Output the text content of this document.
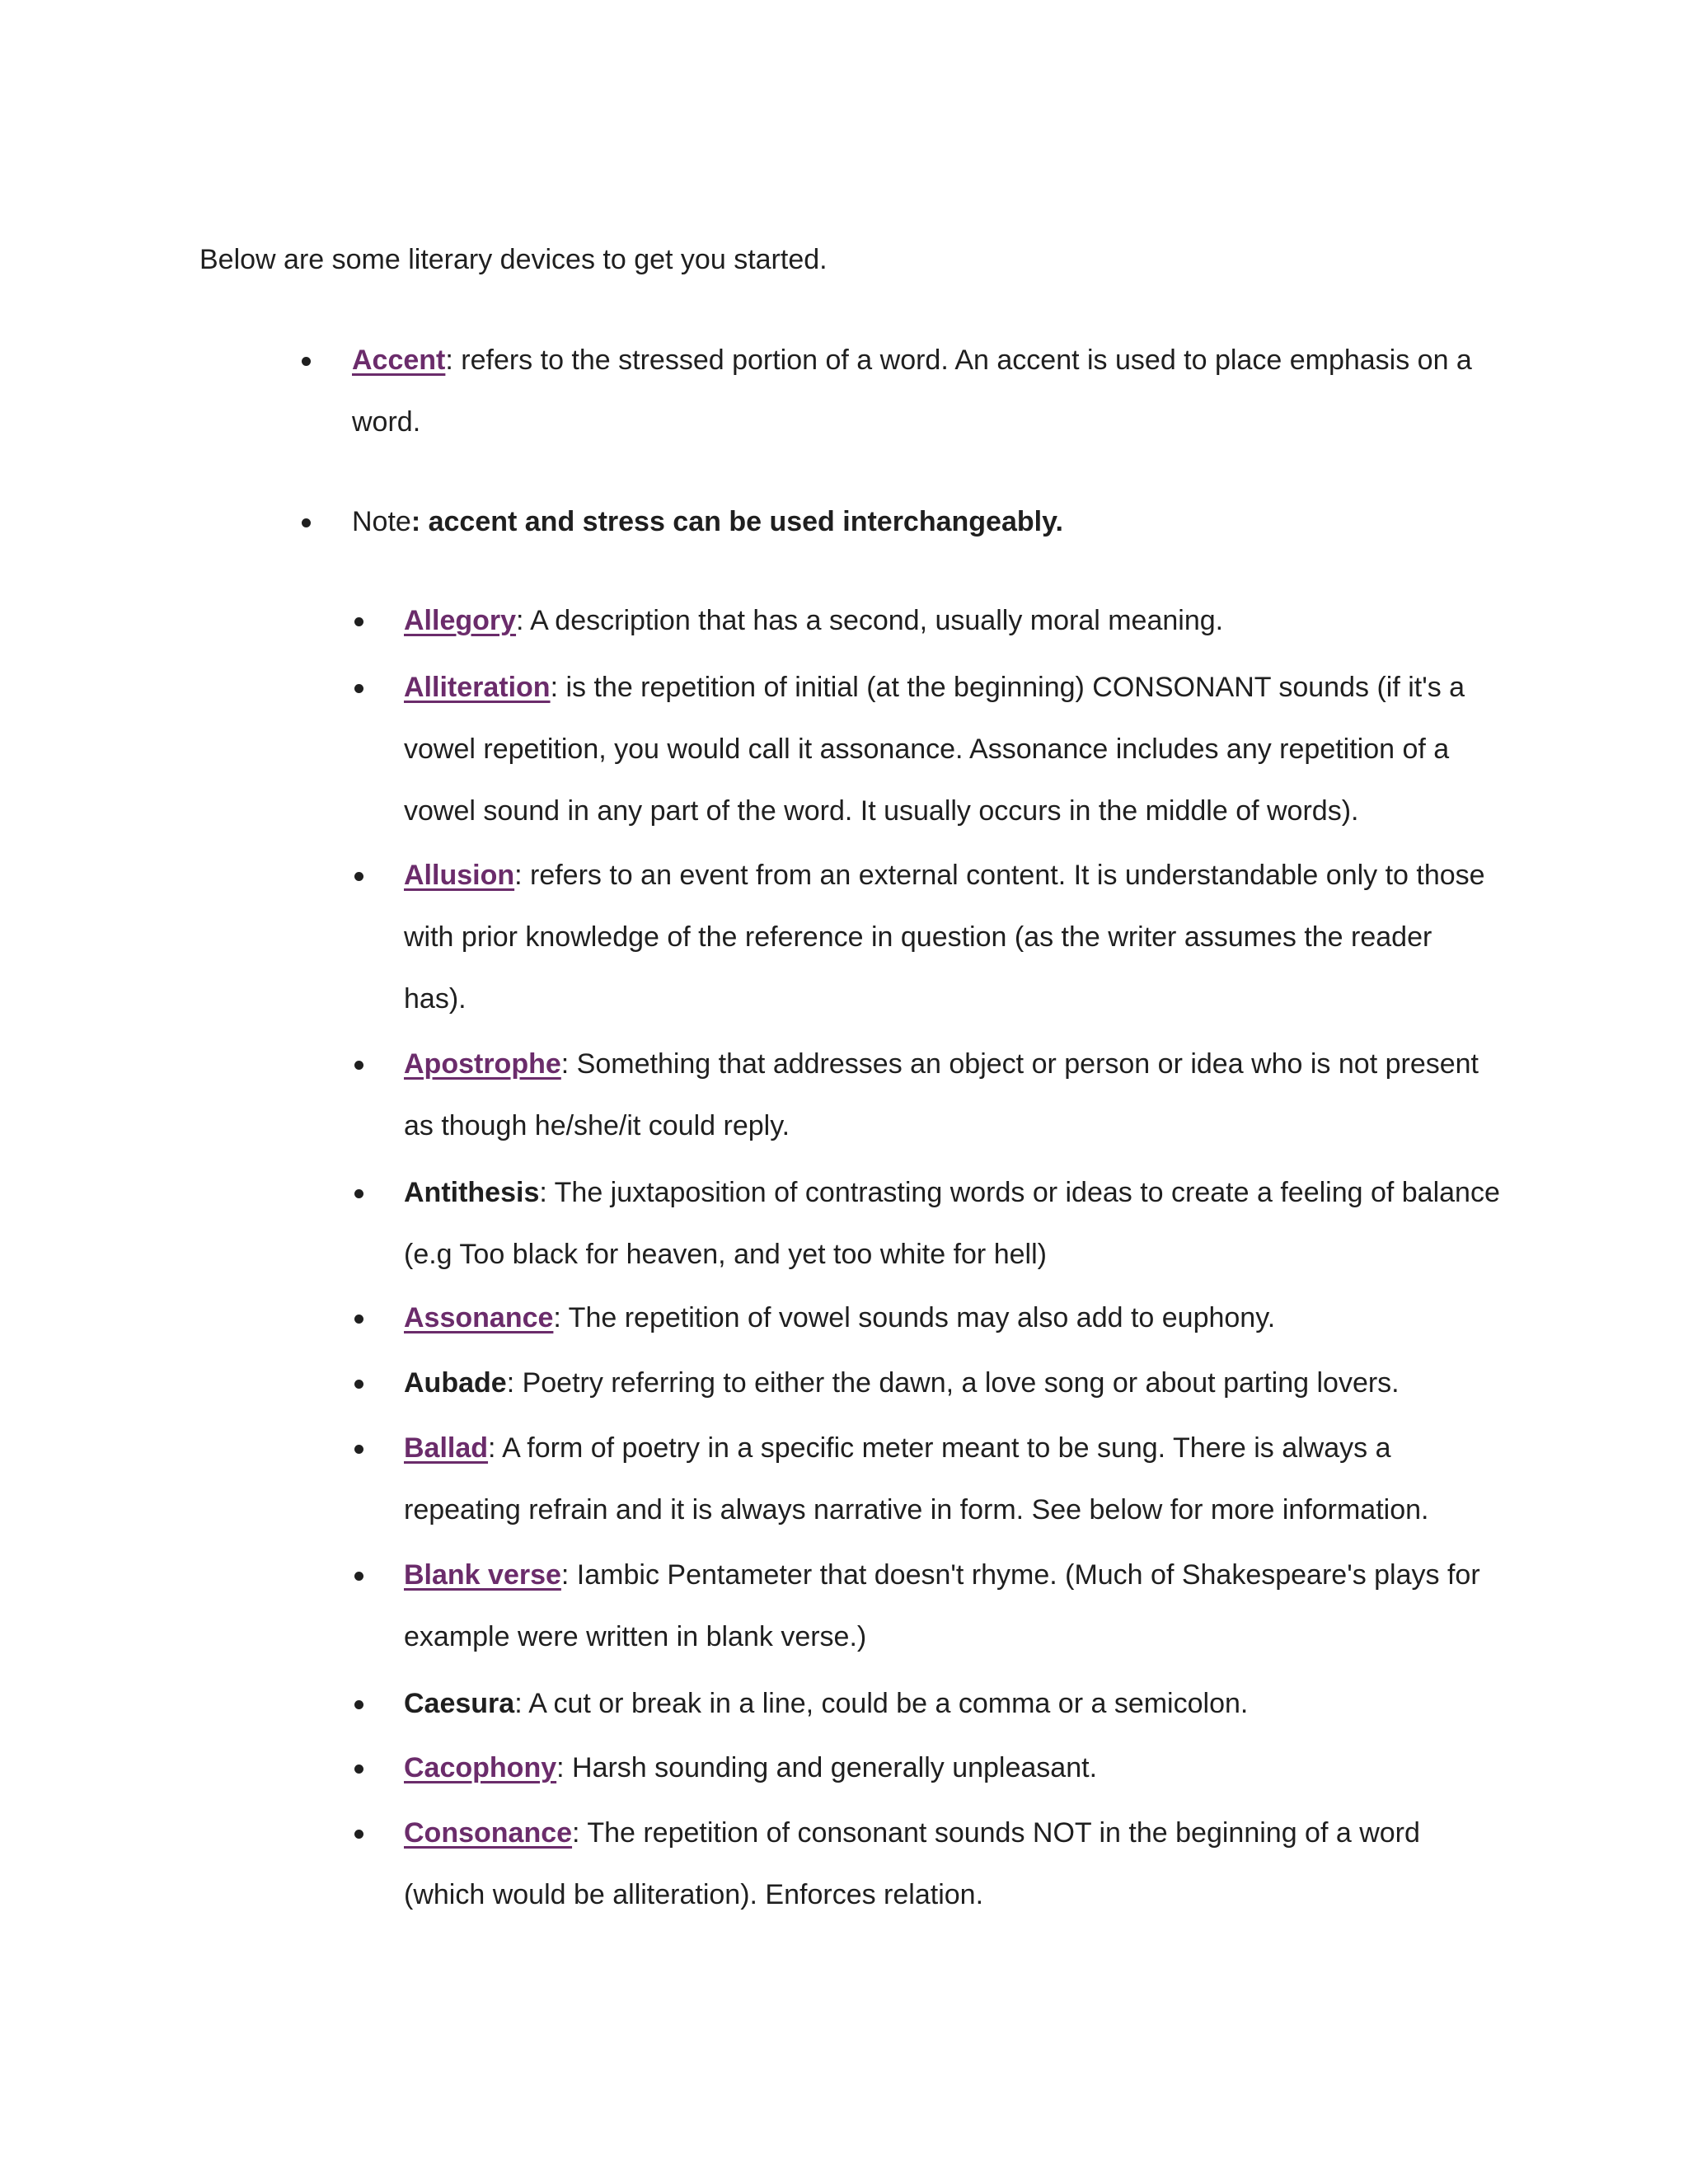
Below are some literary devices to get you started.
Accent: refers to the stressed portion of a word. An accent is used to place emphasis on a word.
Note: accent and stress can be used interchangeably.
Allegory: A description that has a second, usually moral meaning.
Alliteration: is the repetition of initial (at the beginning) CONSONANT sounds (if it's a vowel repetition, you would call it assonance. Assonance includes any repetition of a vowel sound in any part of the word. It usually occurs in the middle of words).
Allusion: refers to an event from an external content. It is understandable only to those with prior knowledge of the reference in question (as the writer assumes the reader has).
Apostrophe: Something that addresses an object or person or idea who is not present as though he/she/it could reply.
Antithesis: The juxtaposition of contrasting words or ideas to create a feeling of balance (e.g Too black for heaven, and yet too white for hell)
Assonance: The repetition of vowel sounds may also add to euphony.
Aubade: Poetry referring to either the dawn, a love song or about parting lovers.
Ballad: A form of poetry in a specific meter meant to be sung. There is always a repeating refrain and it is always narrative in form. See below for more information.
Blank verse: Iambic Pentameter that doesn't rhyme. (Much of Shakespeare's plays for example were written in blank verse.)
Caesura: A cut or break in a line, could be a comma or a semicolon.
Cacophony: Harsh sounding and generally unpleasant.
Consonance: The repetition of consonant sounds NOT in the beginning of a word (which would be alliteration). Enforces relation.
